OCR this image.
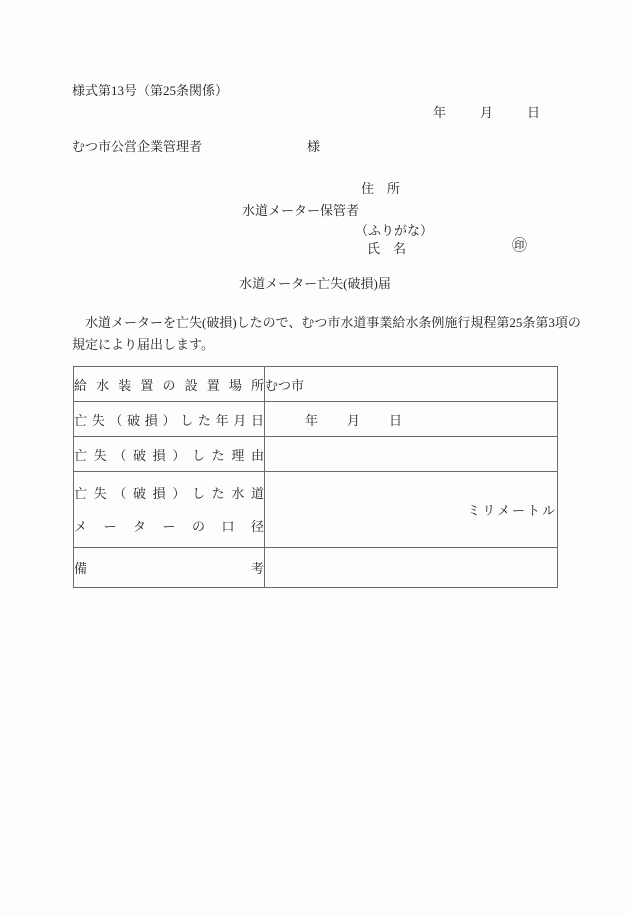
様式第13号（第25条関係）
年	月	日
むつ市公営企業管理者	様
住　所
水道メーター保管者
（ふりがな）
氏　名	㊞
水道メーター亡失(破損)届
　水道メーターを亡失(破損)したので、むつ市水道事業給水条例施行規程第25条第3項の
規定により届出します。
給 水 装 置 の 設 置 場 所	むつ市

亡 失 （ 破 損 ） し た 年 月 日	年 月 日

亡 失 （ 破 損 ） し た 理 由	

亡 失 （ 破 損 ） し た 水 道
メ ー タ ー の 口 径	ミリメートル

備 考	
